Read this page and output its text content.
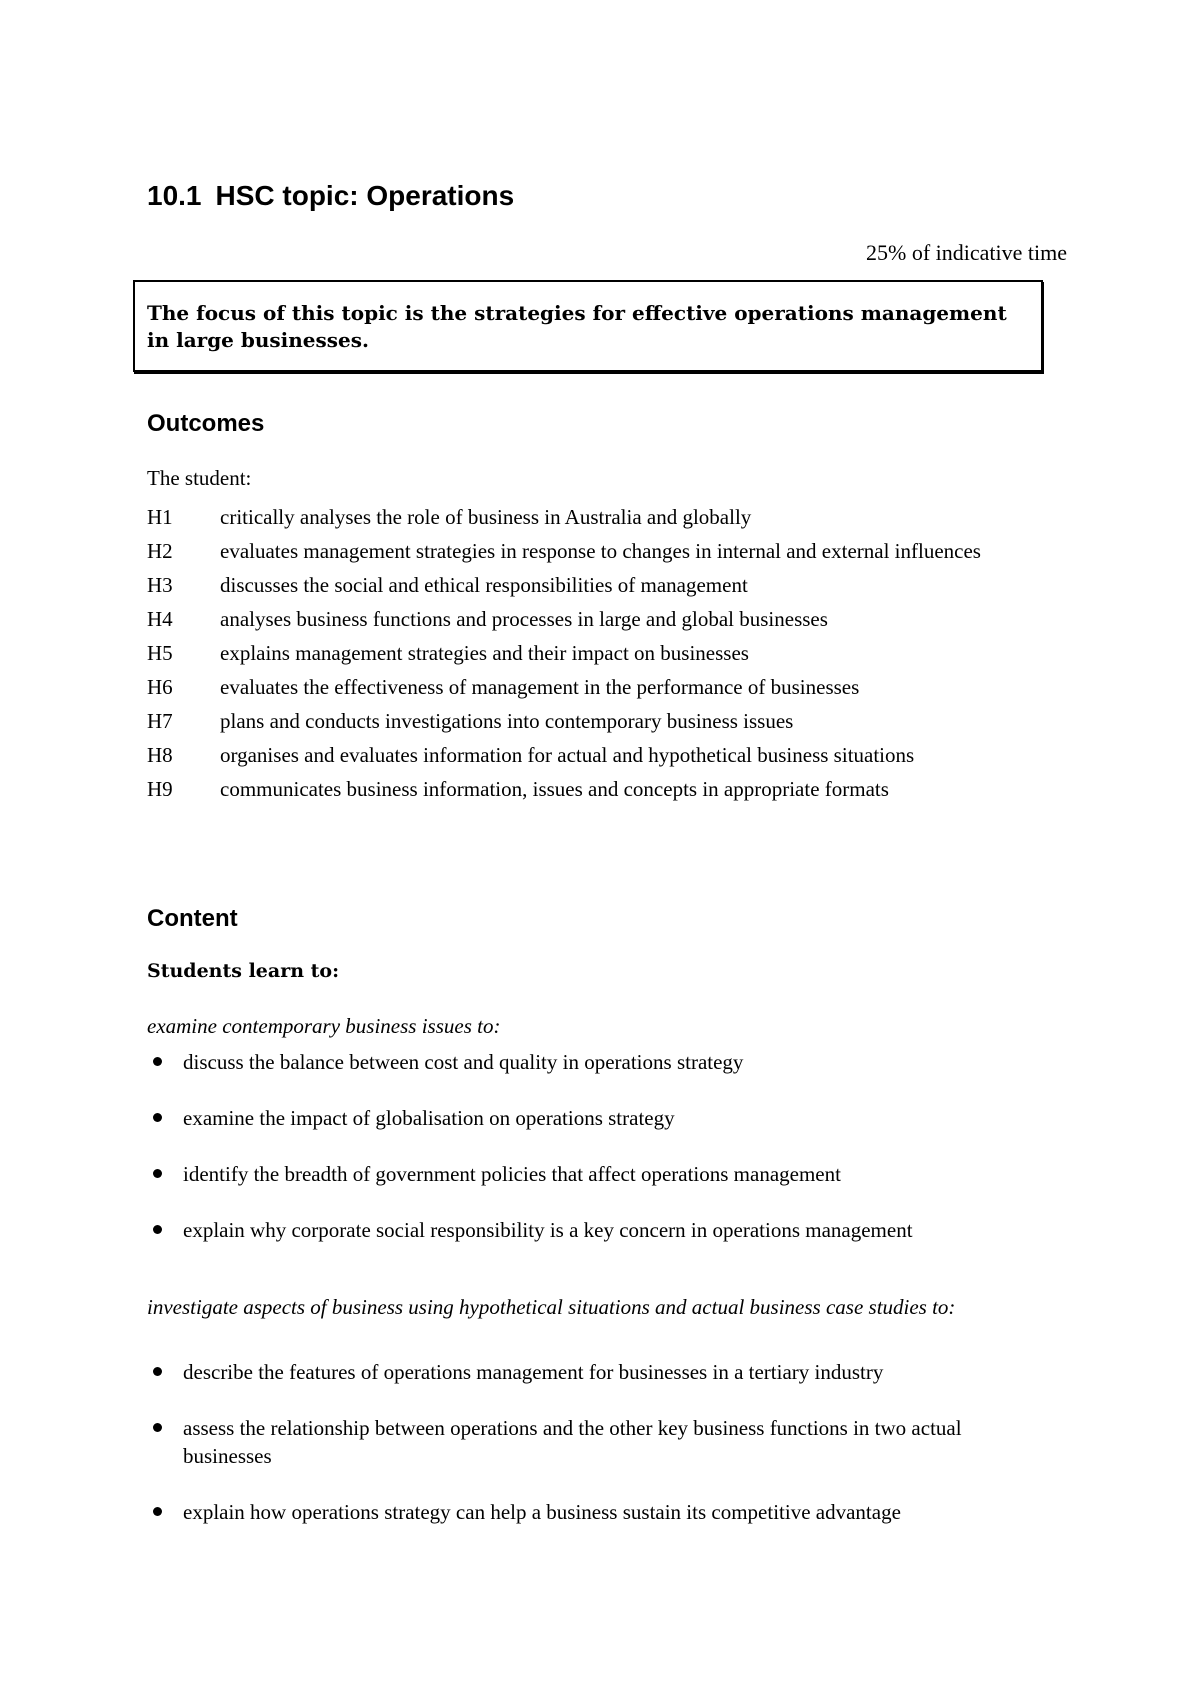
10.1 HSC topic: Operations
25% of indicative time
The focus of this topic is the strategies for effective operations management in large businesses.
Outcomes
The student:
H1	critically analyses the role of business in Australia and globally
H2	evaluates management strategies in response to changes in internal and external influences
H3	discusses the social and ethical responsibilities of management
H4	analyses business functions and processes in large and global businesses
H5	explains management strategies and their impact on businesses
H6	evaluates the effectiveness of management in the performance of businesses
H7	plans and conducts investigations into contemporary business issues
H8	organises and evaluates information for actual and hypothetical business situations
H9	communicates business information, issues and concepts in appropriate formats
Content
Students learn to:
examine contemporary business issues to:
discuss the balance between cost and quality in operations strategy
examine the impact of globalisation on operations strategy
identify the breadth of government policies that affect operations management
explain why corporate social responsibility is a key concern in operations management
investigate aspects of business using hypothetical situations and actual business case studies to:
describe the features of operations management for businesses in a tertiary industry
assess the relationship between operations and the other key business functions in two actual businesses
explain how operations strategy can help a business sustain its competitive advantage
